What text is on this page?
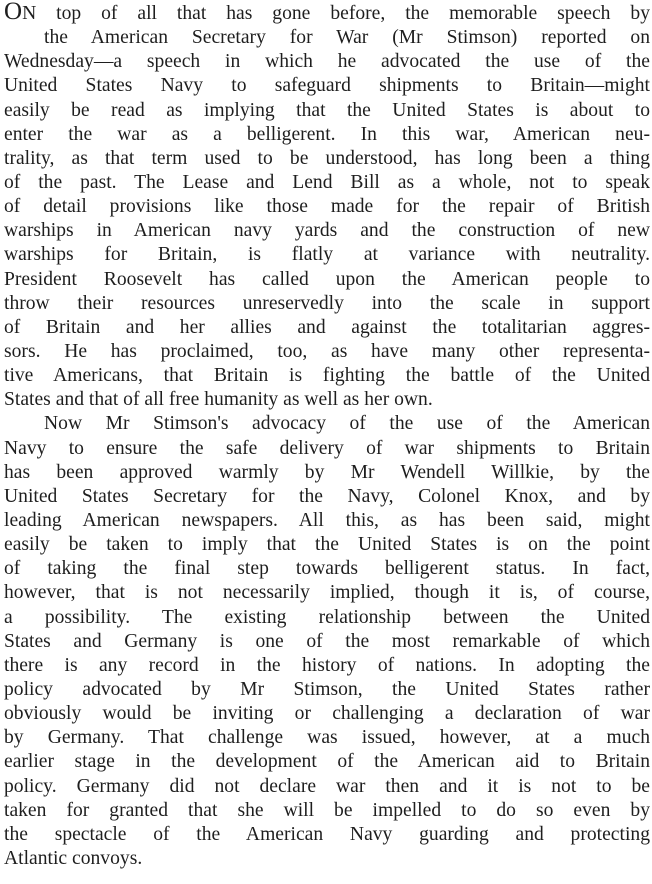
ON top of all that has gone before, the memorable speech by
the American Secretary for War (Mr Stimson) reported on
Wednesday—a speech in which he advocated the use of the
United States Navy to safeguard shipments to Britain—might
easily be read as implying that the United States is about to
enter the war as a belligerent. In this war, American neu-
trality, as that term used to be understood, has long been a thing
of the past. The Lease and Lend Bill as a whole, not to speak
of detail provisions like those made for the repair of British
warships in American navy yards and the construction of new
warships for Britain, is flatly at variance with neutrality.
President Roosevelt has called upon the American people to
throw their resources unreservedly into the scale in support
of Britain and her allies and against the totalitarian aggres-
sors. He has proclaimed, too, as have many other representa-
tive Americans, that Britain is fighting the battle of the United
States and that of all free humanity as well as her own.
Now Mr Stimson's advocacy of the use of the American
Navy to ensure the safe delivery of war shipments to Britain
has been approved warmly by Mr Wendell Willkie, by the
United States Secretary for the Navy, Colonel Knox, and by
leading American newspapers. All this, as has been said, might
easily be taken to imply that the United States is on the point
of taking the final step towards belligerent status. In fact,
however, that is not necessarily implied, though it is, of course,
a possibility. The existing relationship between the United
States and Germany is one of the most remarkable of which
there is any record in the history of nations. In adopting the
policy advocated by Mr Stimson, the United States rather
obviously would be inviting or challenging a declaration of war
by Germany. That challenge was issued, however, at a much
earlier stage in the development of the American aid to Britain
policy. Germany did not declare war then and it is not to be
taken for granted that she will be impelled to do so even by
the spectacle of the American Navy guarding and protecting
Atlantic convoys.
